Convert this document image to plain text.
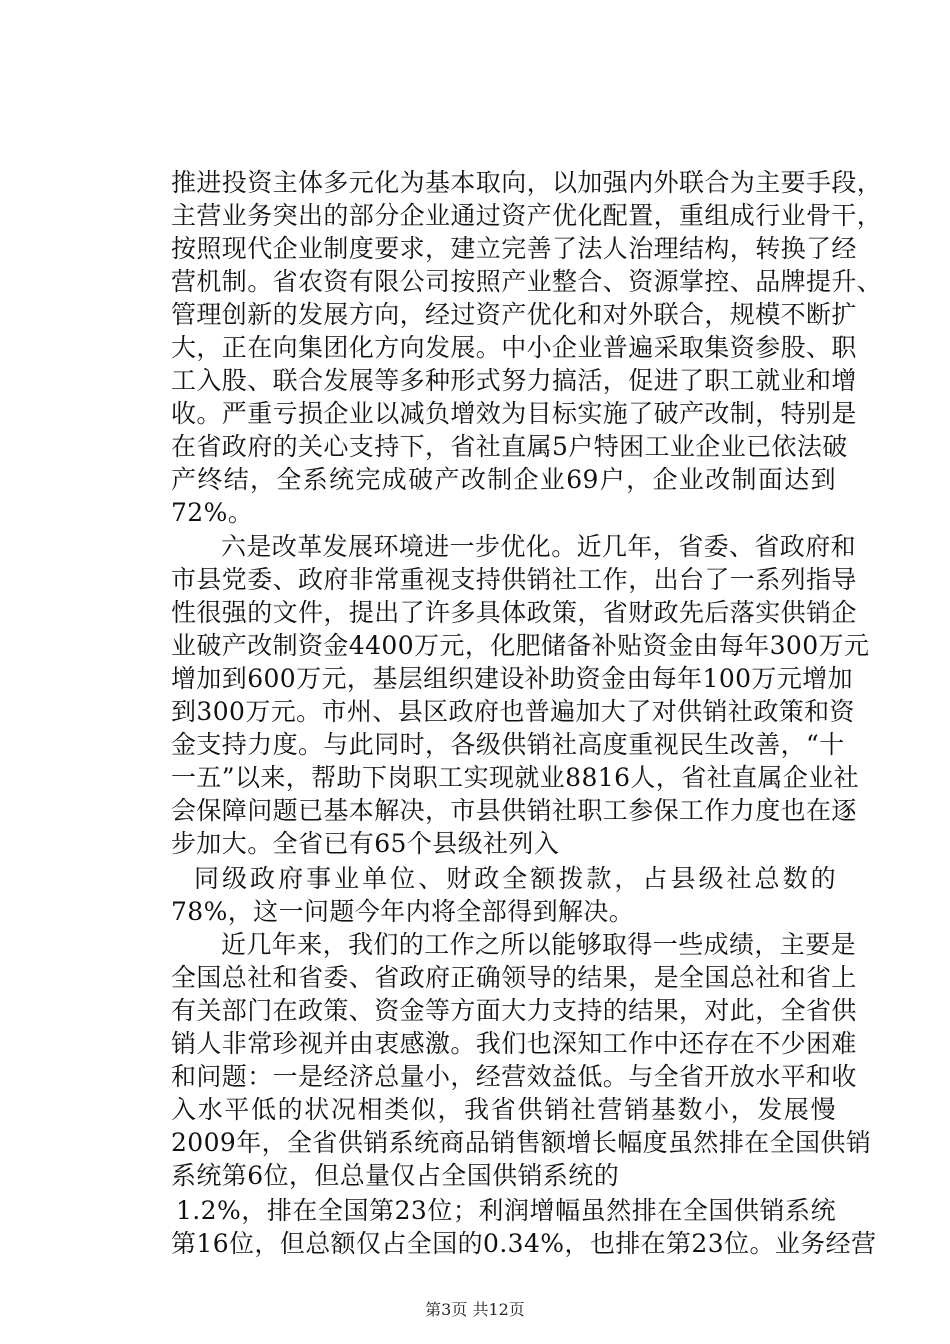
推进投资主体多元化为基本取向，以加强内外联合为主要手段，
主营业务突出的部分企业通过资产优化配置，重组成行业骨干，
按照现代企业制度要求，建立完善了法人治理结构，转换了经
营机制。省农资有限公司按照产业整合、资源掌控、品牌提升、
管理创新的发展方向，经过资产优化和对外联合，规模不断扩
大，正在向集团化方向发展。中小企业普遍采取集资参股、职
工入股、联合发展等多种形式努力搞活，促进了职工就业和增
收。严重亏损企业以减负增效为目标实施了破产改制，特别是
在省政府的关心支持下，省社直属5户特困工业企业已依法破
产终结，全系统完成破产改制企业69户，企业改制面达到
72%。
六是改革发展环境进一步优化。近几年，省委、省政府和
市县党委、政府非常重视支持供销社工作，出台了一系列指导
性很强的文件，提出了许多具体政策，省财政先后落实供销企
业破产改制资金4400万元，化肥储备补贴资金由每年300万元
增加到600万元，基层组织建设补助资金由每年100万元增加
到300万元。市州、县区政府也普遍加大了对供销社政策和资
金支持力度。与此同时，各级供销社高度重视民生改善，“十
一五”以来，帮助下岗职工实现就业8816人，省社直属企业社
会保障问题已基本解决，市县供销社职工参保工作力度也在逐
步加大。全省已有65个县级社列入
同级政府事业单位、财政全额拨款，占县级社总数的
78%，这一问题今年内将全部得到解决。
近几年来，我们的工作之所以能够取得一些成绩，主要是
全国总社和省委、省政府正确领导的结果，是全国总社和省上
有关部门在政策、资金等方面大力支持的结果，对此，全省供
销人非常珍视并由衷感激。我们也深知工作中还存在不少困难
和问题：一是经济总量小，经营效益低。与全省开放水平和收
入水平低的状况相类似，我省供销社营销基数小，发展慢
2009年，全省供销系统商品销售额增长幅度虽然排在全国供销
系统第6位，但总量仅占全国供销系统的
1.2%，排在全国第23位；利润增幅虽然排在全国供销系统
第16位，但总额仅占全国的0.34%，也排在第23位。业务经营
第3页 共12页
